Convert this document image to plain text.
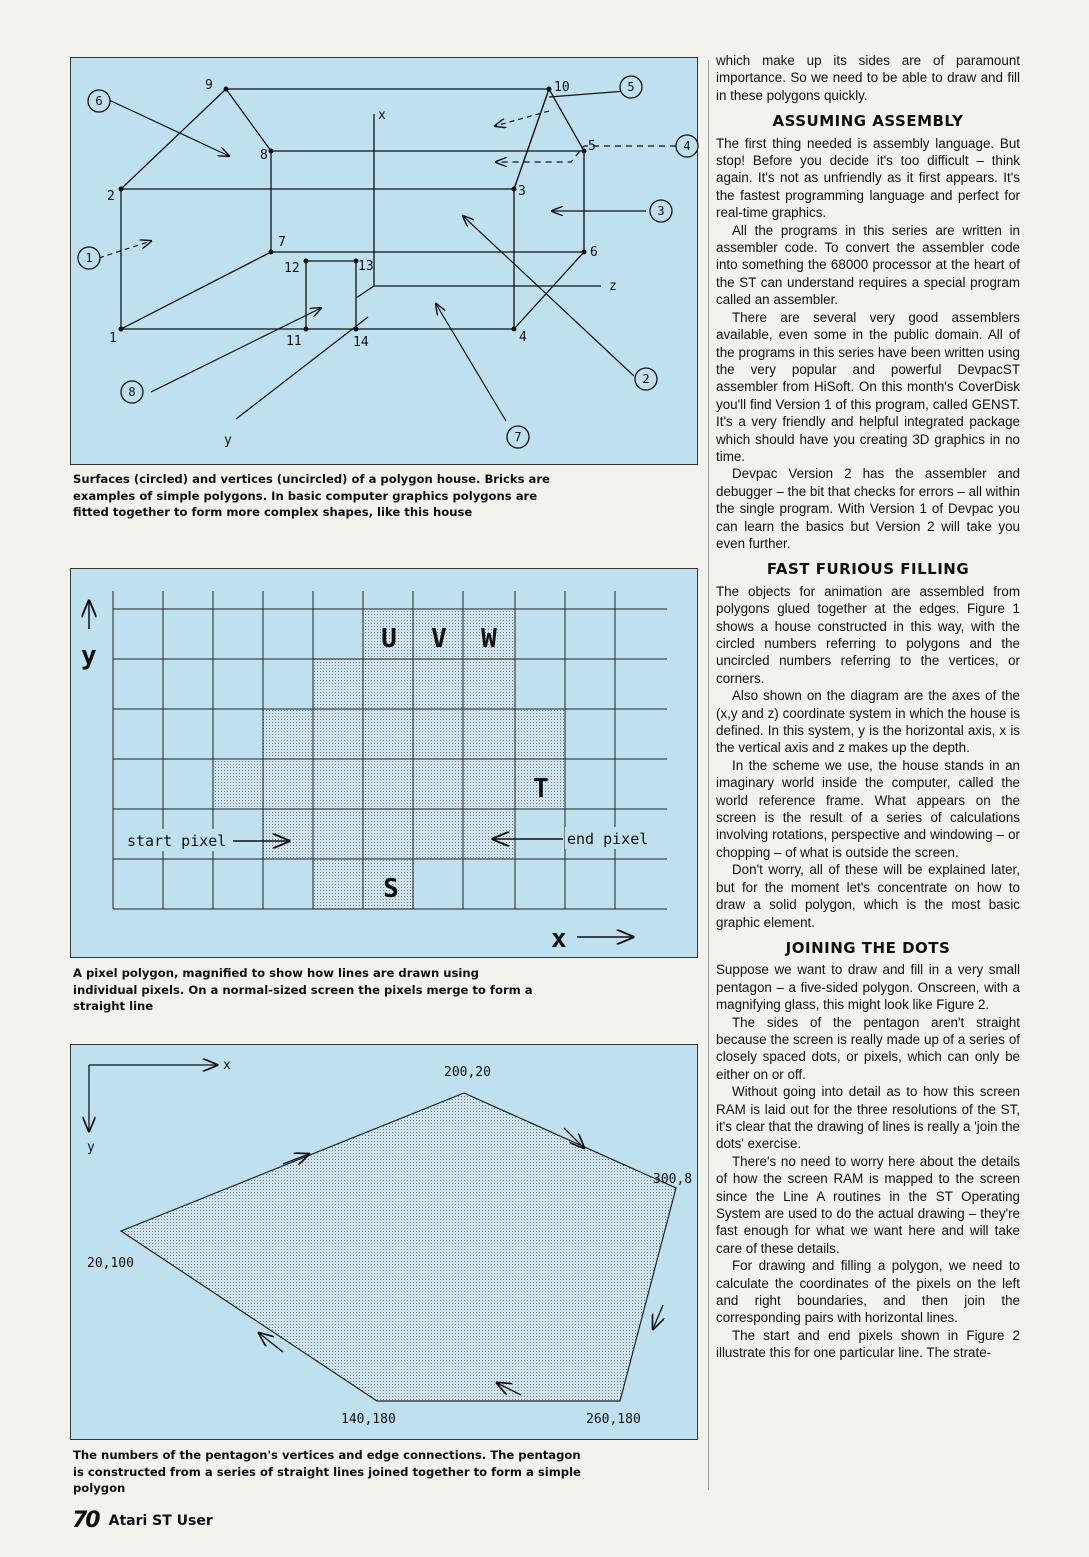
1
2	3
4
5
6
7
8
9	10
11
12	13
14
x
z
y
1
2
3
4
5
6
7
8

Surfaces (circled) and vertices (uncircled) of a polygon house. Bricks are examples of simple polygons. In basic computer graphics polygons are fitted together to form more complex shapes, like this house

U V W
T
S
start pixel	end pixel
y
x

A pixel polygon, magnified to show how lines are drawn using individual pixels. On a normal-sized screen the pixels merge to form a straight line

x
y
200,20
300,8
20,100
140,180	260,180

The numbers of the pentagon's vertices and edge connections. The pentagon is constructed from a series of straight lines joined together to form a simple polygon

which make up its sides are of paramount importance. So we need to be able to draw and fill in these polygons quickly.

ASSUMING ASSEMBLY

The first thing needed is assembly language. But stop! Before you decide it's too difficult – think again. It's not as unfriendly as it first appears. It's the fastest programming language and perfect for real-time graphics.

All the programs in this series are written in assembler code. To convert the assembler code into something the 68000 processor at the heart of the ST can understand requires a special program called an assembler.

There are several very good assemblers available, even some in the public domain. All of the programs in this series have been written using the very popular and powerful DevpacST assembler from HiSoft. On this month's CoverDisk you'll find Version 1 of this program, called GENST. It's a very friendly and helpful integrated package which should have you creating 3D graphics in no time.

Devpac Version 2 has the assembler and debugger – the bit that checks for errors – all within the single program. With Version 1 of Devpac you can learn the basics but Version 2 will take you even further.

FAST FURIOUS FILLING

The objects for animation are assembled from polygons glued together at the edges. Figure 1 shows a house constructed in this way, with the circled numbers referring to polygons and the uncircled numbers referring to the vertices, or corners.

Also shown on the diagram are the axes of the (x,y and z) coordinate system in which the house is defined. In this system, y is the horizontal axis, x is the vertical axis and z makes up the depth.

In the scheme we use, the house stands in an imaginary world inside the computer, called the world reference frame. What appears on the screen is the result of a series of calculations involving rotations, perspective and windowing – or chopping – of what is outside the screen.

Don't worry, all of these will be explained later, but for the moment let's concentrate on how to draw a solid polygon, which is the most basic graphic element.

JOINING THE DOTS

Suppose we want to draw and fill in a very small pentagon – a five-sided polygon. Onscreen, with a magnifying glass, this might look like Figure 2.

The sides of the pentagon aren't straight because the screen is really made up of a series of closely spaced dots, or pixels, which can only be either on or off.

Without going into detail as to how this screen RAM is laid out for the three resolutions of the ST, it's clear that the drawing of lines is really a 'join the dots' exercise.

There's no need to worry here about the details of how the screen RAM is mapped to the screen since the Line A routines in the ST Operating System are used to do the actual drawing – they're fast enough for what we want here and will take care of these details.

For drawing and filling a polygon, we need to calculate the coordinates of the pixels on the left and right boundaries, and then join the corresponding pairs with horizontal lines.

The start and end pixels shown in Figure 2 illustrate this for one particular line. The strate-

70 Atari ST User
